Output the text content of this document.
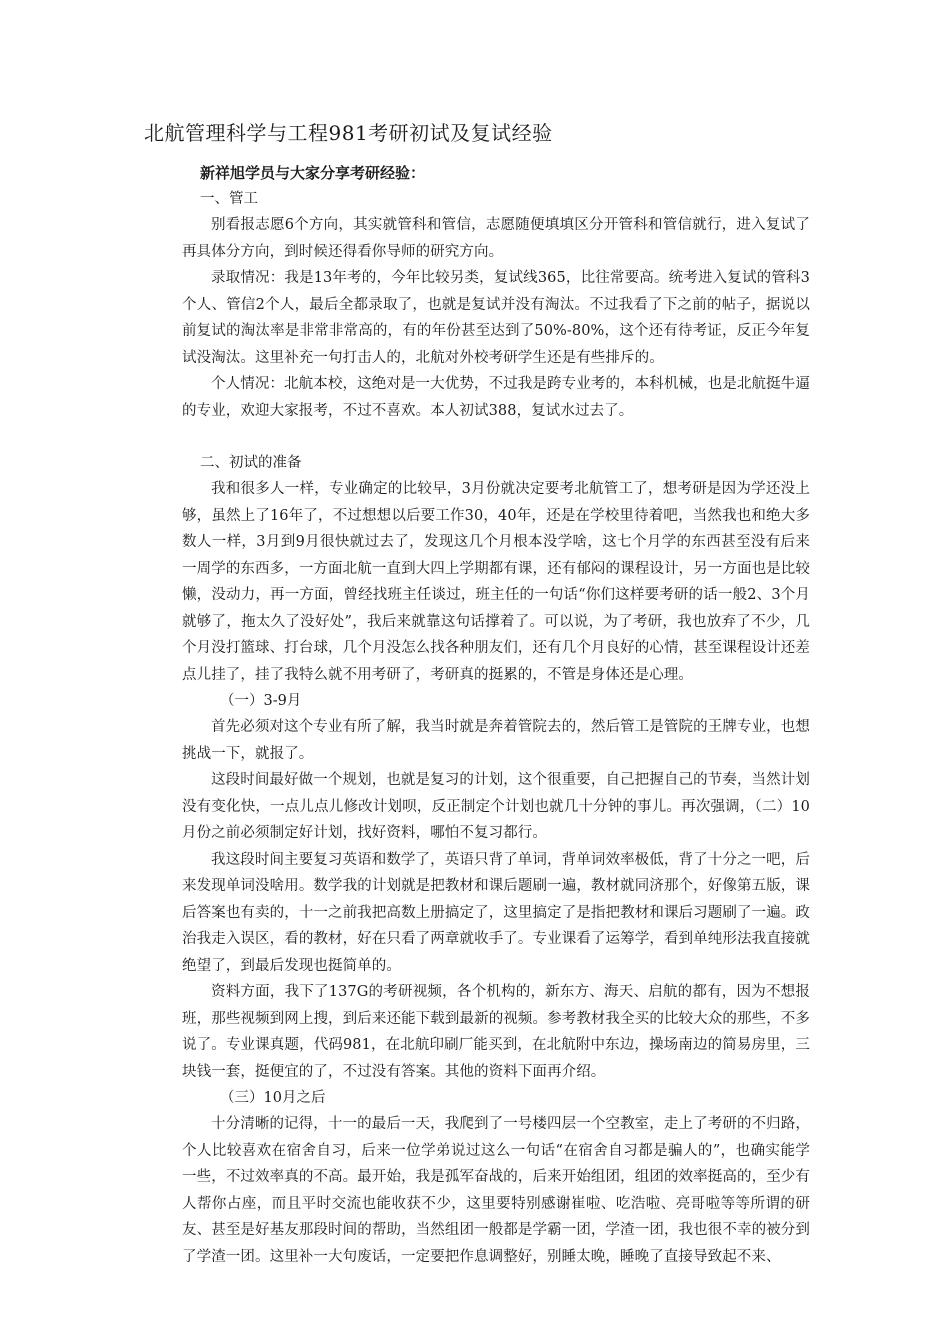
北航管理科学与工程981考研初试及复试经验
新祥旭学员与大家分享考研经验：
一、管工

别看报志愿6个方向，其实就管科和管信，志愿随便填填区分开管科和管信就行，进入复试了再具体分方向，到时候还得看你导师的研究方向。

录取情况：我是13年考的，今年比较另类，复试线365，比往常要高。统考进入复试的管科3个人、管信2个人，最后全都录取了，也就是复试并没有淘汰。不过我看了下之前的帖子，据说以前复试的淘汰率是非常非常高的，有的年份甚至达到了50%-80%，这个还有待考证，反正今年复试没淘汰。这里补充一句打击人的，北航对外校考研学生还是有些排斥的。

个人情况：北航本校，这绝对是一大优势，不过我是跨专业考的，本科机械，也是北航挺牛逼的专业，欢迎大家报考，不过不喜欢。本人初试388，复试水过去了。

二、初试的准备

我和很多人一样，专业确定的比较早，3月份就决定要考北航管工了，想考研是因为学还没上够，虽然上了16年了，不过想想以后要工作30，40年，还是在学校里待着吧，当然我也和绝大多数人一样，3月到9月很快就过去了，发现这几个月根本没学啥，这七个月学的东西甚至没有后来一周学的东西多，一方面北航一直到大四上学期都有课，还有郁闷的课程设计，另一方面也是比较懒，没动力，再一方面，曾经找班主任谈过，班主任的一句话“你们这样要考研的话一般2、3个月就够了，拖太久了没好处”，我后来就靠这句话撑着了。可以说，为了考研，我也放弃了不少，几个月没打篮球、打台球，几个月没怎么找各种朋友们，还有几个月良好的心情，甚至课程设计还差点儿挂了，挂了我特么就不用考研了，考研真的挺累的，不管是身体还是心理。

（一）3-9月

首先必须对这个专业有所了解，我当时就是奔着管院去的，然后管工是管院的王牌专业，也想挑战一下，就报了。

这段时间最好做一个规划，也就是复习的计划，这个很重要，自己把握自己的节奏，当然计划没有变化快，一点儿点儿修改计划呗，反正制定个计划也就几十分钟的事儿。再次强调，（二）10月份之前必须制定好计划，找好资料，哪怕不复习都行。

我这段时间主要复习英语和数学了，英语只背了单词，背单词效率极低，背了十分之一吧，后来发现单词没啥用。数学我的计划就是把教材和课后题刷一遍，教材就同济那个，好像第五版，课后答案也有卖的，十一之前我把高数上册搞定了，这里搞定了是指把教材和课后习题刷了一遍。政治我走入误区，看的教材，好在只看了两章就收手了。专业课看了运筹学，看到单纯形法我直接就绝望了，到最后发现也挺简单的。

资料方面，我下了137G的考研视频，各个机构的，新东方、海天、启航的都有，因为不想报班，那些视频到网上搜，到后来还能下载到最新的视频。参考教材我全买的比较大众的那些，不多说了。专业课真题，代码981，在北航印刷厂能买到，在北航附中东边，操场南边的简易房里，三块钱一套，挺便宜的了，不过没有答案。其他的资料下面再介绍。

（三）10月之后

十分清晰的记得，十一的最后一天，我爬到了一号楼四层一个空教室，走上了考研的不归路，个人比较喜欢在宿舍自习，后来一位学弟说过这么一句话“在宿舍自习都是骗人的”，也确实能学一些，不过效率真的不高。最开始，我是孤军奋战的，后来开始组团，组团的效率挺高的，至少有人帮你占座，而且平时交流也能收获不少，这里要特别感谢崔啦、吃浩啦、亮哥啦等等所谓的研友、甚至是好基友那段时间的帮助，当然组团一般都是学霸一团，学渣一团，我也很不幸的被分到了学渣一团。这里补一大句废话，一定要把作息调整好，别睡太晚，睡晚了直接导致起不来、
